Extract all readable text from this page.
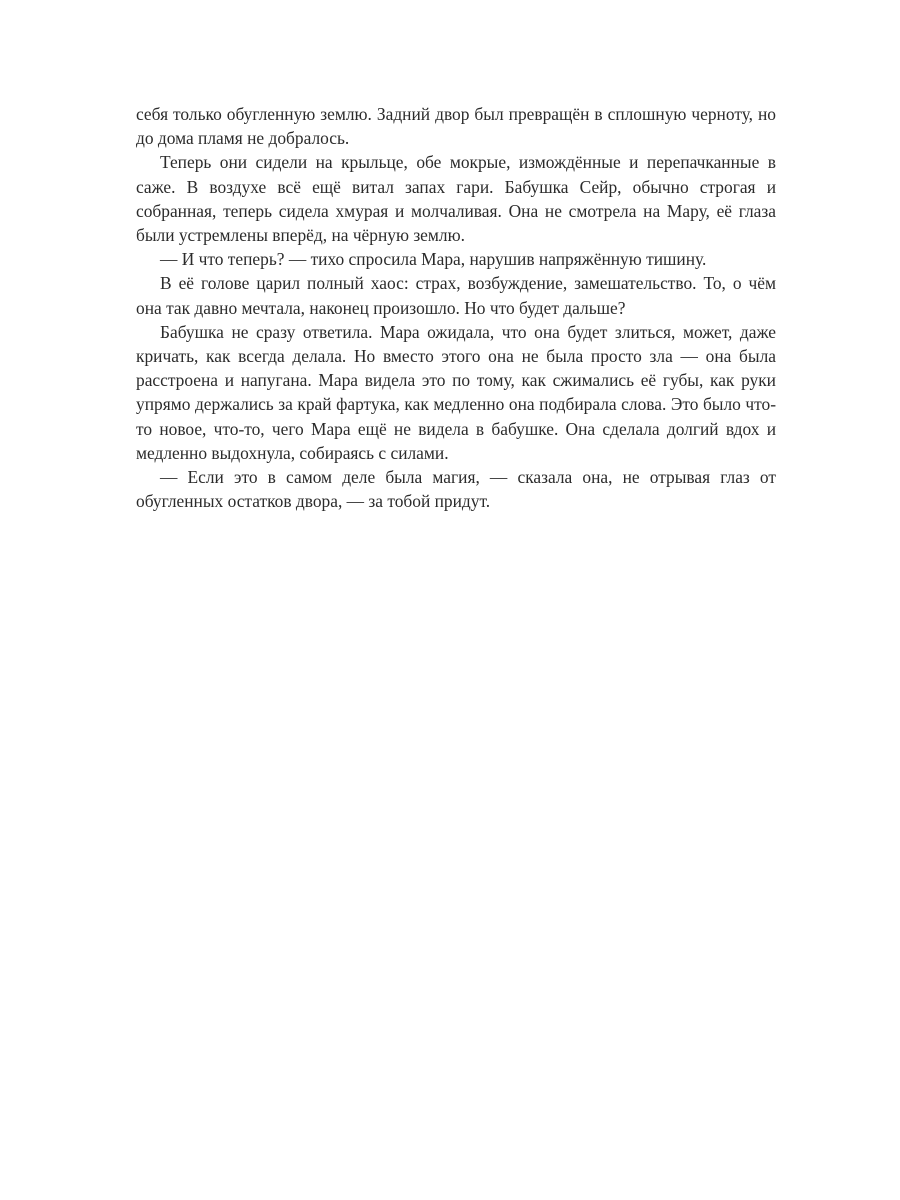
себя только обугленную землю. Задний двор был превращён в сплошную черноту, но до дома пламя не добралось.

Теперь они сидели на крыльце, обе мокрые, измождённые и перепачканные в саже. В воздухе всё ещё витал запах гари. Бабушка Сейр, обычно строгая и собранная, теперь сидела хмурая и молчаливая. Она не смотрела на Мару, её глаза были устремлены вперёд, на чёрную землю.

— И что теперь? — тихо спросила Мара, нарушив напряжённую тишину.

В её голове царил полный хаос: страх, возбуждение, замешательство. То, о чём она так давно мечтала, наконец произошло. Но что будет дальше?

Бабушка не сразу ответила. Мара ожидала, что она будет злиться, может, даже кричать, как всегда делала. Но вместо этого она не была просто зла — она была расстроена и напугана. Мара видела это по тому, как сжимались её губы, как руки упрямо держались за край фартука, как медленно она подбирала слова. Это было что-то новое, что-то, чего Мара ещё не видела в бабушке. Она сделала долгий вдох и медленно выдохнула, собираясь с силами.

— Если это в самом деле была магия, — сказала она, не отрывая глаз от обугленных остатков двора, — за тобой придут.
